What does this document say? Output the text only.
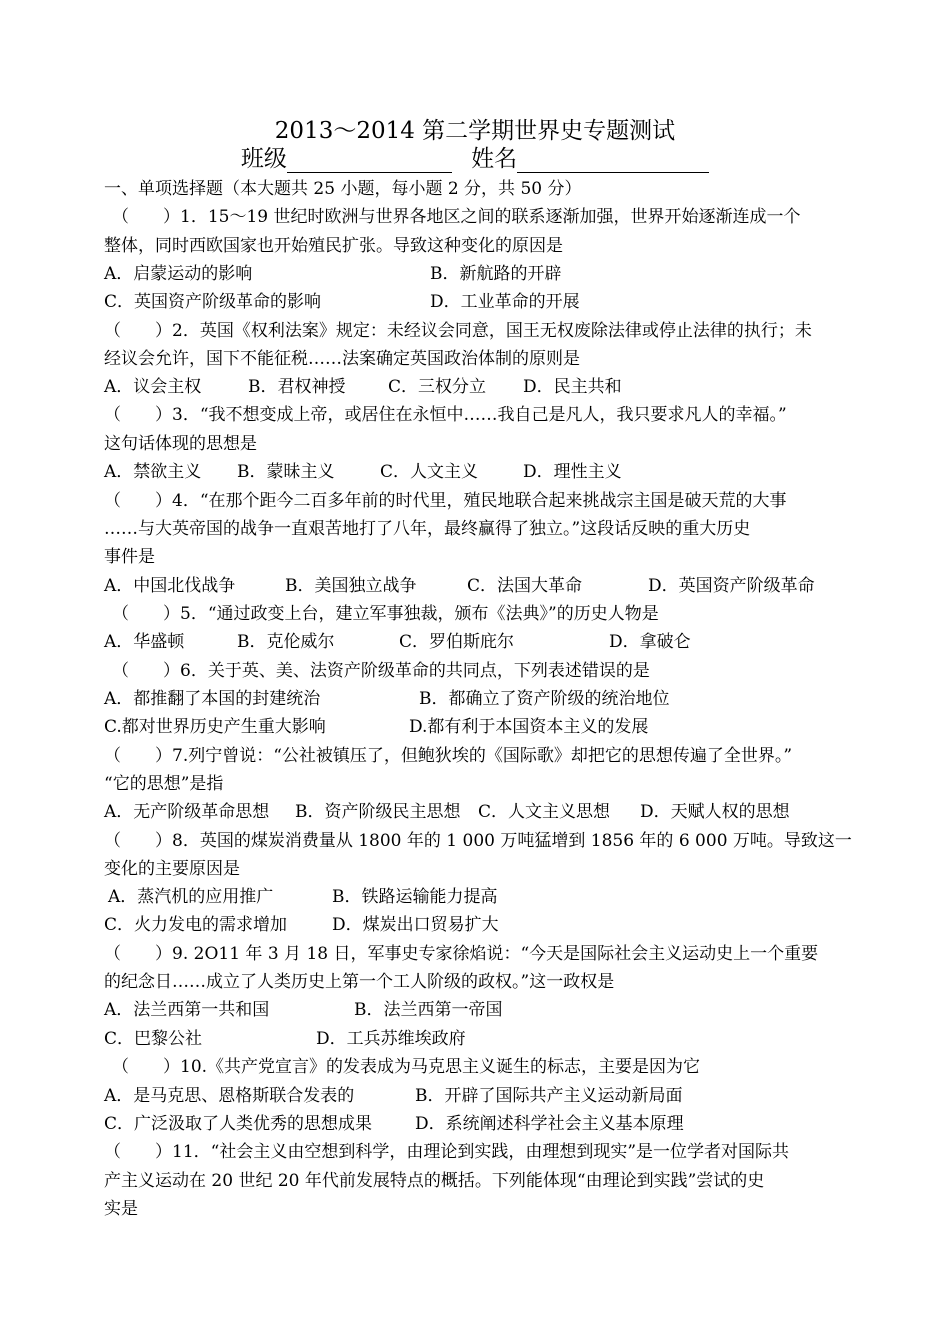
2013～2014 第二学期世界史专题测试
班级	姓名
一、单项选择题（本大题共 25 小题，每小题 2 分，共 50 分）
（　　）1．15～19 世纪时欧洲与世界各地区之间的联系逐渐加强，世界开始逐渐连成一个
整体，同时西欧国家也开始殖民扩张。导致这种变化的原因是
A．启蒙运动的影响	B．新航路的开辟
C．英国资产阶级革命的影响	D．工业革命的开展
（　　）2．英国《权利法案》规定：未经议会同意，国王无权废除法律或停止法律的执行；未
经议会允许，国下不能征税……法案确定英国政治体制的原则是
A．议会主权	B．君权神授	C．三权分立 D．民主共和
（　　）3．“我不想变成上帝，或居住在永恒中……我自己是凡人，我只要求凡人的幸福。”
这句话体现的思想是
A．禁欲主义 B．蒙昧主义	C．人文主义	D．理性主义
（　　）4．“在那个距今二百多年前的时代里，殖民地联合起来挑战宗主国是破天荒的大事
……与大英帝国的战争一直艰苦地打了八年，最终赢得了独立。”这段话反映的重大历史
事件是
A．中国北伐战争	B．美国独立战争	C．法国大革命	D．英国资产阶级革命
（　　）5．“通过政变上台，建立军事独裁，颁布《法典》”的历史人物是
A．华盛顿	B．克伦威尔	C．罗伯斯庇尔	D．拿破仑
（　　）6．关于英、美、法资产阶级革命的共同点，下列表述错误的是
A．都推翻了本国的封建统治	B．都确立了资产阶级的统治地位
C.都对世界历史产生重大影响	D.都有利于本国资本主义的发展
（　　）7.列宁曾说：“公社被镇压了，但鲍狄埃的《国际歌》却把它的思想传遍了全世界。”
“它的思想”是指
A．无产阶级革命思想 B．资产阶级民主思想 C．人文主义思想 D．天赋人权的思想
（　　）8．英国的煤炭消费量从 1800 年的 1 000 万吨猛增到 1856 年的 6 000 万吨。导致这一
变化的主要原因是
A．蒸汽机的应用推广	B．铁路运输能力提高
C．火力发电的需求增加	D．煤炭出口贸易扩大
（　　）9. 2O11 年 3 月 18 日，军事史专家徐焰说：“今天是国际社会主义运动史上一个重要
的纪念日……成立了人类历史上第一个工人阶级的政权。”这一政权是
A．法兰西第一共和国	B．法兰西第一帝国
C．巴黎公社	D．工兵苏维埃政府
（　　）10.《共产党宣言》的发表成为马克思主义诞生的标志，主要是因为它
A．是马克思、恩格斯联合发表的	B．开辟了国际共产主义运动新局面
C．广泛汲取了人类优秀的思想成果	D．系统阐述科学社会主义基本原理
（　　）11．“社会主义由空想到科学，由理论到实践，由理想到现实”是一位学者对国际共
产主义运动在 20 世纪 20 年代前发展特点的概括。下列能体现“由理论到实践”尝试的史
实是
